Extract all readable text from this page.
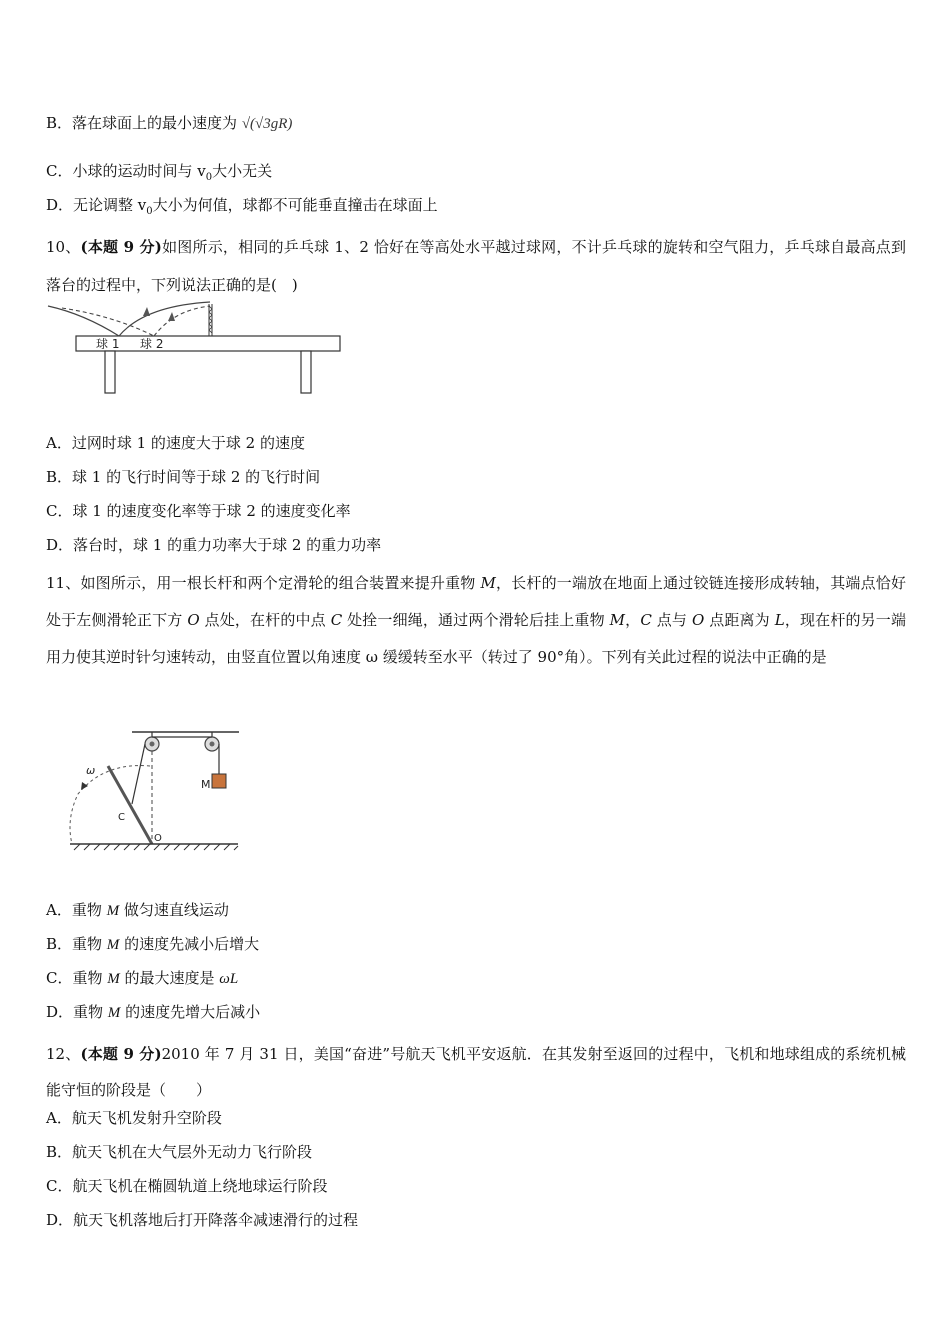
B．落在球面上的最小速度为 √(√3gR)
C．小球的运动时间与 $v_0$大小无关
D．无论调整 $v_0$大小为何值，球都不可能垂直撞击在球面上
10、(本题 9 分)如图所示，相同的乒乓球 1、2 恰好在等高处水平越过球网，不计乒乓球的旋转和空气阻力，乒乓球自最高点到落台的过程中，下列说法正确的是(　)
球 1 球 2
A．过网时球 1 的速度大于球 2 的速度
B．球 1 的飞行时间等于球 2 的飞行时间
C．球 1 的速度变化率等于球 2 的速度变化率
D．落台时，球 1 的重力功率大于球 2 的重力功率
11、如图所示，用一根长杆和两个定滑轮的组合装置来提升重物 M，长杆的一端放在地面上通过铰链连接形成转轴，其端点恰好处于左侧滑轮正下方 O 点处，在杆的中点 C 处拴一细绳，通过两个滑轮后挂上重物 M，C 点与 O 点距离为 L，现在杆的另一端用力使其逆时针匀速转动，由竖直位置以角速度 ω 缓缓转至水平（转过了 90°角）。下列有关此过程的说法中正确的是
M
ω
C
O
A．重物 M 做匀速直线运动
B．重物 M 的速度先减小后增大
C．重物 M 的最大速度是 ωL
D．重物 M 的速度先增大后减小
12、(本题 9 分)2010 年 7 月 31 日，美国“奋进”号航天飞机平安返航．在其发射至返回的过程中，飞机和地球组成的系统机械能守恒的阶段是（　　）
A．航天飞机发射升空阶段
B．航天飞机在大气层外无动力飞行阶段
C．航天飞机在椭圆轨道上绕地球运行阶段
D．航天飞机落地后打开降落伞减速滑行的过程
